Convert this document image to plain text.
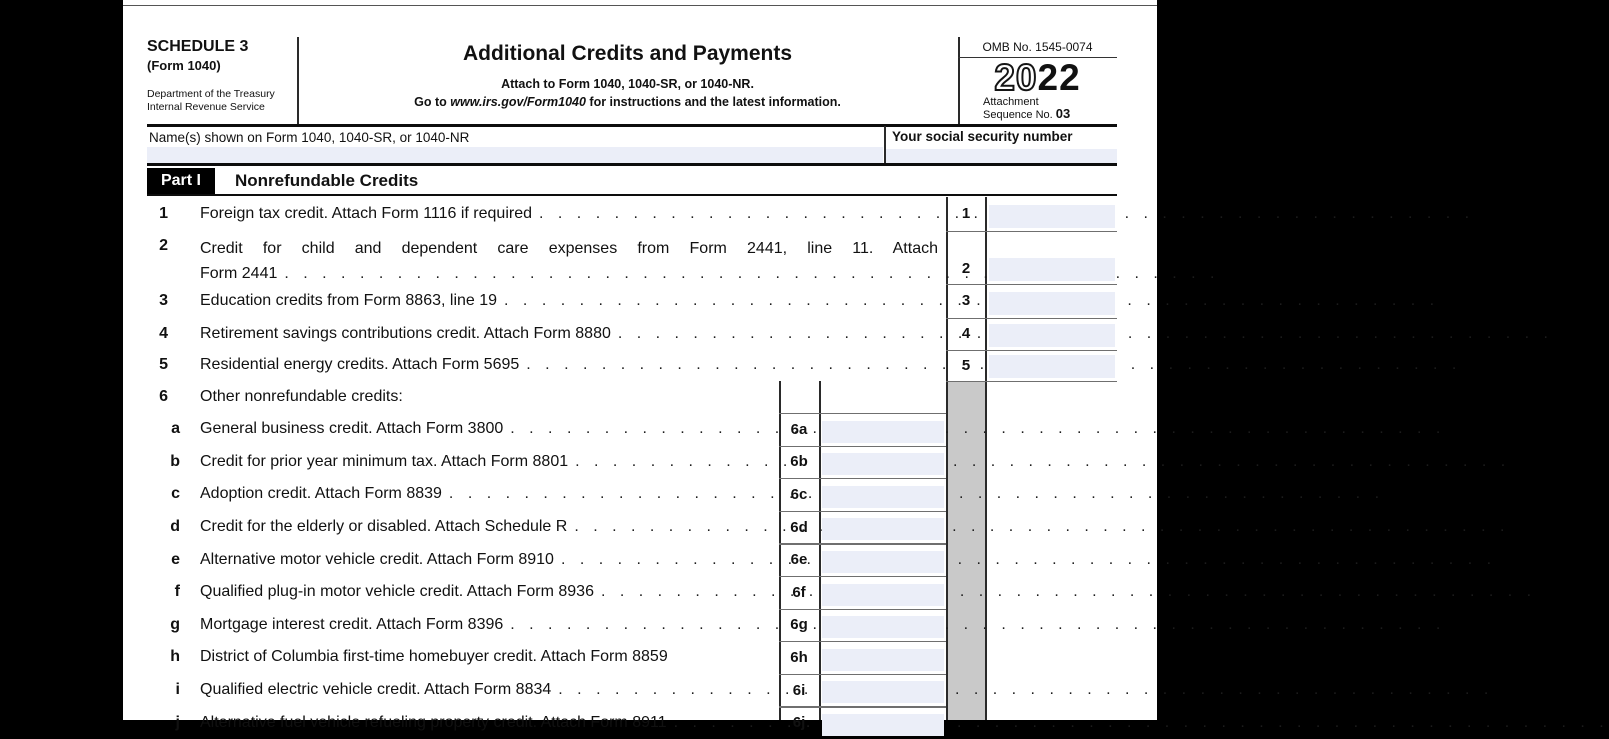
SCHEDULE 3
(Form 1040)
Department of the Treasury
Internal Revenue Service
Additional Credits and Payments
Attach to Form 1040, 1040-SR, or 1040-NR.
Go to www.irs.gov/Form1040 for instructions and the latest information.
OMB No. 1545-0074
2022
Attachment
Sequence No. 03
Name(s) shown on Form 1040, 1040-SR, or 1040-NR	Your social security number
Part I	Nonrefundable Credits
1 Foreign tax credit. Attach Form 1116 if required . . .	1
2 Credit for child and dependent care expenses from Form 2441, line 11. Attach
Form 2441 . . .	2
3 Education credits from Form 8863, line 19 . . .	3
4 Retirement savings contributions credit. Attach Form 8880 . . .	4
5 Residential energy credits. Attach Form 5695 . . .	5
6 Other nonrefundable credits:
a General business credit. Attach Form 3800 . . .	6a
b Credit for prior year minimum tax. Attach Form 8801 . . .	6b
c Adoption credit. Attach Form 8839 . . .	6c
d Credit for the elderly or disabled. Attach Schedule R . . .	6d
e Alternative motor vehicle credit. Attach Form 8910 . . .	6e
f Qualified plug-in motor vehicle credit. Attach Form 8936 . . .	6f
g Mortgage interest credit. Attach Form 8396 . . .	6g
h District of Columbia first-time homebuyer credit. Attach Form 8859	6h
i Qualified electric vehicle credit. Attach Form 8834 . . .	6i
j Alternative fuel vehicle refueling property credit. Attach Form 8911 . . .	6j
